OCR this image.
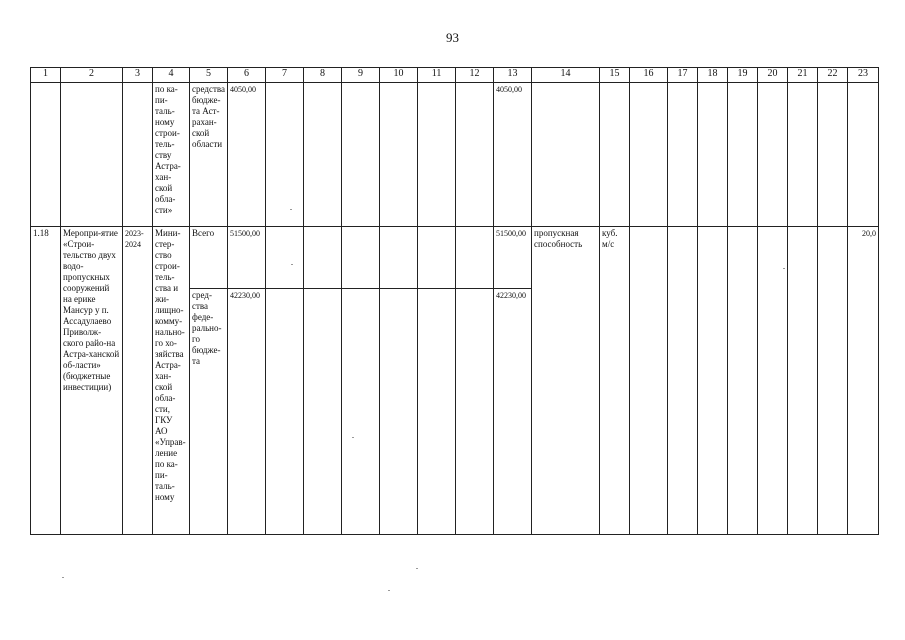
93
1	2	3	4	5	6	7	8	9	10	11	12	13	14	15	16	17	18	19	20	21	22	23
			по ка-пи-таль-ному строи-тель-ству Астра-хан-ской обла-сти»	средства бюдже-та Аст-рахан-ской области	4050,00							4050,00										
1.18	Меропри-ятие «Строи-тельство двух водо-пропускных сооружений на ерике Мансур у п. Ассадулаево Приволж-ского райо-на Астра-ханской об-ласти» (бюджетные инвестиции)	2023-2024	Мини-стер-ство строи-тель-ства и жи-лищно-комму-нально-го хо-зяйства Астра-хан-ской обла-сти, ГКУ АО «Управ-ление по ка-пи-таль-ному	Всего	51500,00							51500,00	пропускная способность	куб. м/с								20,0
				сред-ства феде-рально-го бюдже-та	42230,00							42230,00										
